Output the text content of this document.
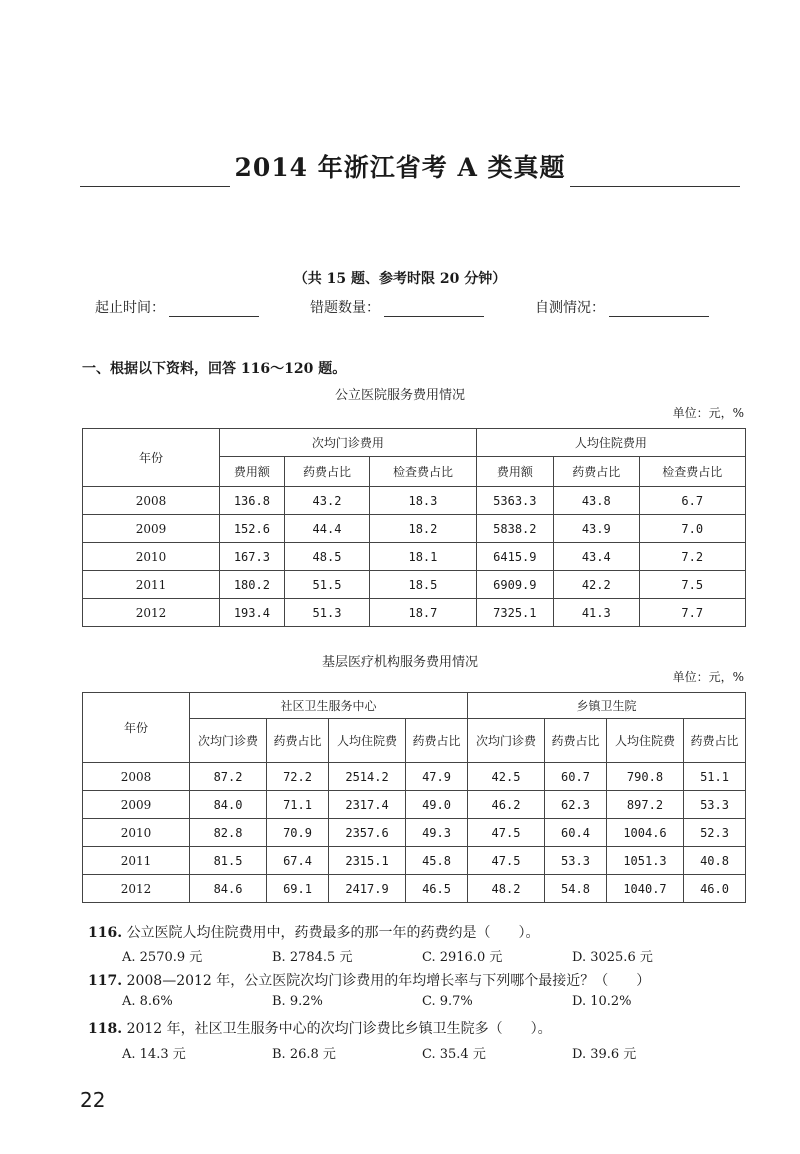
2014 年浙江省考 A 类真题
（共 15 题、参考时限 20 分钟）
起止时间：	错题数量：	自测情况：
一、根据以下资料，回答 116～120 题。
公立医院服务费用情况
单位：元，%
年份	次均门诊费用			人均住院费用		
	费用额	药费占比	检查费占比	费用额	药费占比	检查费占比
2008	136.8	43.2	18.3	5363.3	43.8	6.7
2009	152.6	44.4	18.2	5838.2	43.9	7.0
2010	167.3	48.5	18.1	6415.9	43.4	7.2
2011	180.2	51.5	18.5	6909.9	42.2	7.5
2012	193.4	51.3	18.7	7325.1	41.3	7.7
基层医疗机构服务费用情况
单位：元，%
年份	社区卫生服务中心				乡镇卫生院			
	次均门诊费	药费占比	人均住院费	药费占比	次均门诊费	药费占比	人均住院费	药费占比
2008	87.2	72.2	2514.2	47.9	42.5	60.7	790.8	51.1
2009	84.0	71.1	2317.4	49.0	46.2	62.3	897.2	53.3
2010	82.8	70.9	2357.6	49.3	47.5	60.4	1004.6	52.3
2011	81.5	67.4	2315.1	45.8	47.5	53.3	1051.3	40.8
2012	84.6	69.1	2417.9	46.5	48.2	54.8	1040.7	46.0
116. 公立医院人均住院费用中，药费最多的那一年的药费约是（　　）。
A. 2570.9 元	B. 2784.5 元	C. 2916.0 元	D. 3025.6 元
117. 2008—2012 年，公立医院次均门诊费用的年均增长率与下列哪个最接近？（　　）
A. 8.6%	B. 9.2%	C. 9.7%	D. 10.2%
118. 2012 年，社区卫生服务中心的次均门诊费比乡镇卫生院多（　　）。
A. 14.3 元	B. 26.8 元	C. 35.4 元	D. 39.6 元
22
